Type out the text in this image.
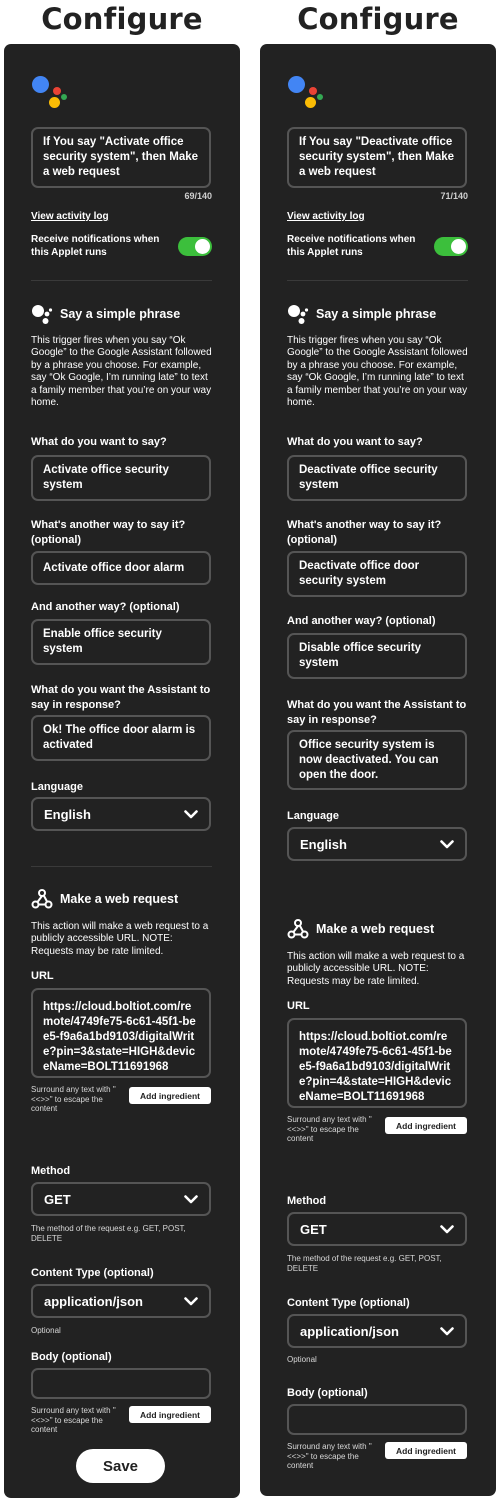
Configure
If You say "Activate office security system", then Make a web request
69/140
View activity log
Receive notifications when this Applet runs
Say a simple phrase
This trigger fires when you say “Ok Google” to the Google Assistant followed by a phrase you choose. For example, say “Ok Google, I’m running late” to text a family member that you’re on your way home.
What do you want to say?
Activate office security system
What's another way to say it? (optional)
Activate office door alarm
And another way? (optional)
Enable office security system
What do you want the Assistant to say in response?
Ok! The office door alarm is activated
Language
English
Make a web request
This action will make a web request to a publicly accessible URL. NOTE: Requests may be rate limited.
URL
https://cloud.boltiot.com/remote/4749fe75-6c61-45f1-bee5-f9a6a1bd9103/digitalWrite?pin=3&state=HIGH&deviceName=BOLT11691968
Surround any text with "<<>>" to escape the content
Add ingredient
Method
GET
The method of the request e.g. GET, POST, DELETE
Content Type (optional)
application/json
Optional
Body (optional)
Surround any text with "<<>>" to escape the content
Add ingredient
Save
Configure
If You say "Deactivate office security system", then Make a web request
71/140
View activity log
Receive notifications when this Applet runs
Say a simple phrase
This trigger fires when you say “Ok Google” to the Google Assistant followed by a phrase you choose. For example, say “Ok Google, I’m running late” to text a family member that you’re on your way home.
What do you want to say?
Deactivate office security system
What's another way to say it? (optional)
Deactivate office door security system
And another way? (optional)
Disable office security system
What do you want the Assistant to say in response?
Office security system is now deactivated. You can open the door.
Language
English
Make a web request
This action will make a web request to a publicly accessible URL. NOTE: Requests may be rate limited.
URL
https://cloud.boltiot.com/remote/4749fe75-6c61-45f1-bee5-f9a6a1bd9103/digitalWrite?pin=4&state=HIGH&deviceName=BOLT11691968
Surround any text with "<<>>" to escape the content
Add ingredient
Method
GET
The method of the request e.g. GET, POST, DELETE
Content Type (optional)
application/json
Optional
Body (optional)
Surround any text with "<<>>" to escape the content
Add ingredient
